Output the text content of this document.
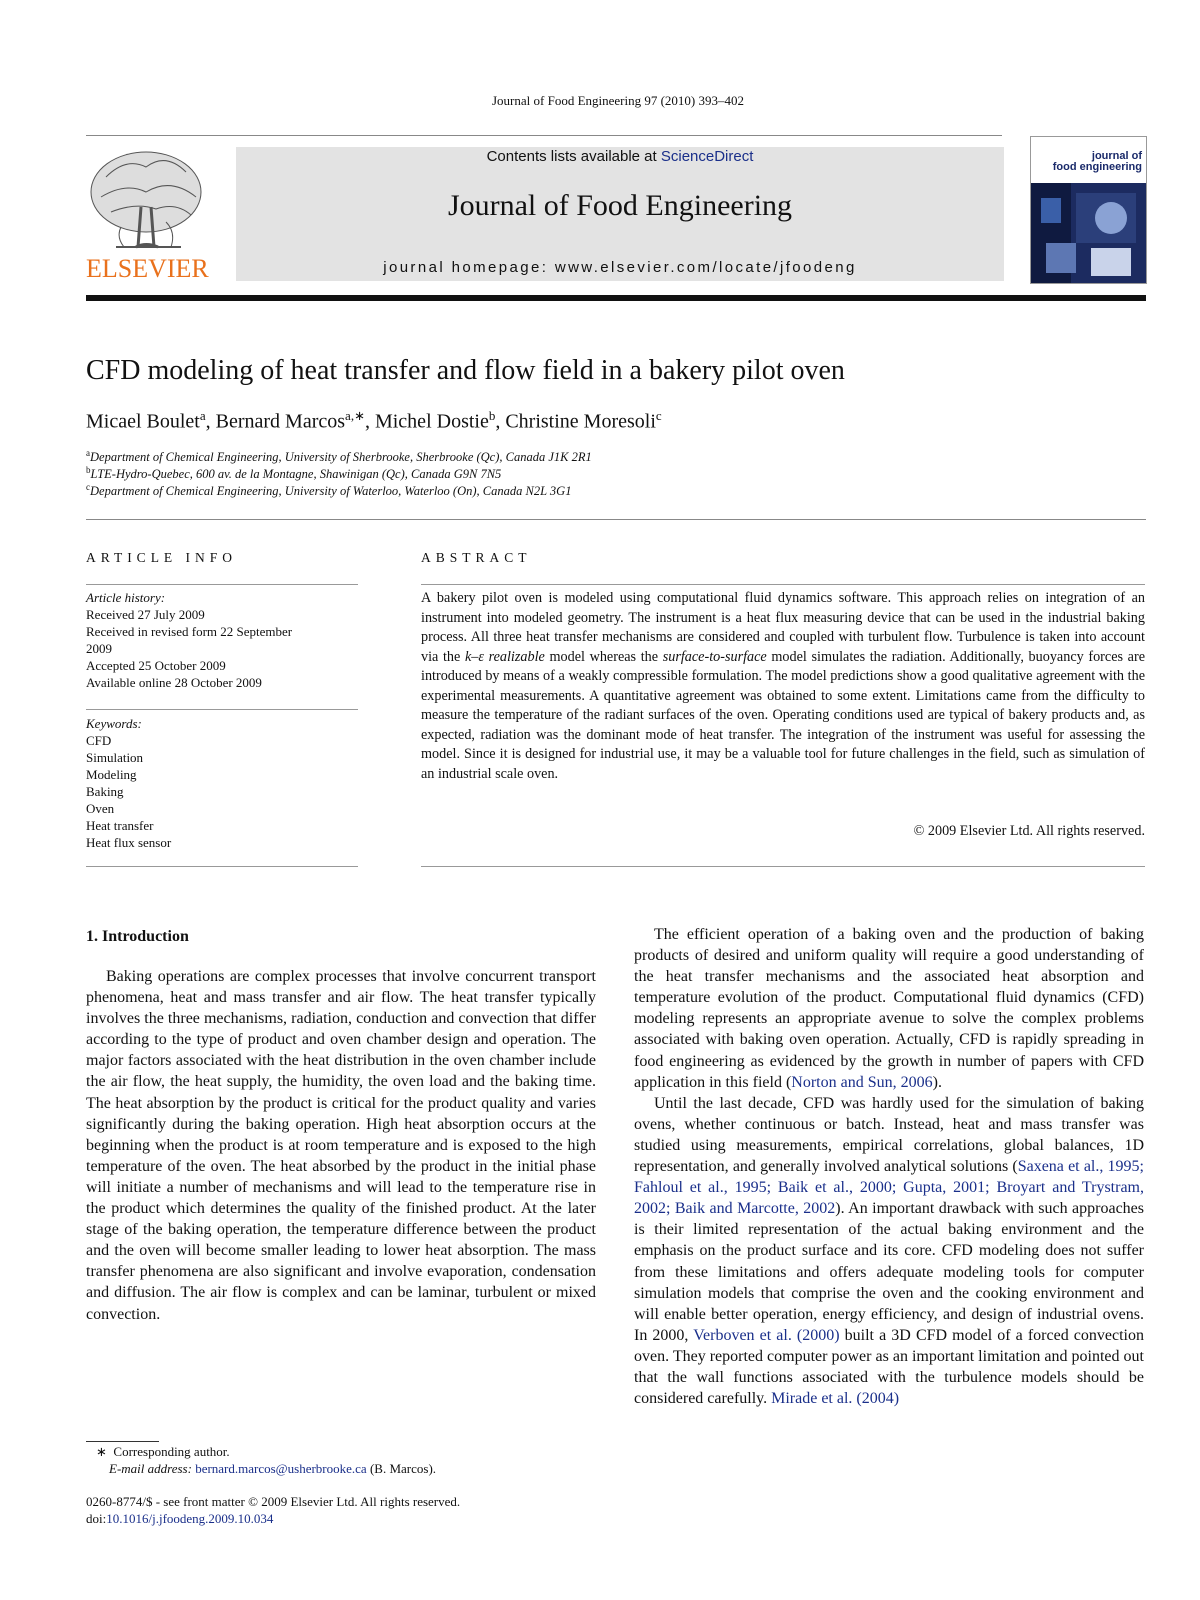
Journal of Food Engineering 97 (2010) 393–402
ELSEVIER
Contents lists available at ScienceDirect
Journal of Food Engineering
journal homepage: www.elsevier.com/locate/jfoodeng
journal of
food engineering
CFD modeling of heat transfer and flow field in a bakery pilot oven
Micael Boulet$^a$, Bernard Marcos$^{a,∗}$, Michel Dostie$^b$, Christine Moresoli$^c$
$^a$Department of Chemical Engineering, University of Sherbrooke, Sherbrooke (Qc), Canada J1K 2R1
$^b$LTE-Hydro-Quebec, 600 av. de la Montagne, Shawinigan (Qc), Canada G9N 7N5
$^c$Department of Chemical Engineering, University of Waterloo, Waterloo (On), Canada N2L 3G1
ARTICLE INFO
Article history:
Received 27 July 2009
Received in revised form 22 September
2009
Accepted 25 October 2009
Available online 28 October 2009
Keywords:
CFD
Simulation
Modeling
Baking
Oven
Heat transfer
Heat flux sensor
ABSTRACT
A bakery pilot oven is modeled using computational fluid dynamics software. This approach relies on integration of an instrument into modeled geometry. The instrument is a heat flux measuring device that can be used in the industrial baking process. All three heat transfer mechanisms are considered and coupled with turbulent flow. Turbulence is taken into account via the k–ε realizable model whereas the surface-to-surface model simulates the radiation. Additionally, buoyancy forces are introduced by means of a weakly compressible formulation. The model predictions show a good qualitative agreement with the experimental measurements. A quantitative agreement was obtained to some extent. Limitations came from the difficulty to measure the temperature of the radiant surfaces of the oven. Operating conditions used are typical of bakery products and, as expected, radiation was the dominant mode of heat transfer. The integration of the instrument was useful for assessing the model. Since it is designed for industrial use, it may be a valuable tool for future challenges in the field, such as simulation of an industrial scale oven.
© 2009 Elsevier Ltd. All rights reserved.
1. Introduction

Baking operations are complex processes that involve concurrent transport phenomena, heat and mass transfer and air flow. The heat transfer typically involves the three mechanisms, radiation, conduction and convection that differ according to the type of product and oven chamber design and operation. The major factors associated with the heat distribution in the oven chamber include the air flow, the heat supply, the humidity, the oven load and the baking time. The heat absorption by the product is critical for the product quality and varies significantly during the baking operation. High heat absorption occurs at the beginning when the product is at room temperature and is exposed to the high temperature of the oven. The heat absorbed by the product in the initial phase will initiate a number of mechanisms and will lead to the temperature rise in the product which determines the quality of the finished product. At the later stage of the baking operation, the temperature difference between the product and the oven will become smaller leading to lower heat absorption. The mass transfer phenomena are also significant and involve evaporation, condensation and diffusion. The air flow is complex and can be laminar, turbulent or mixed convection.

The efficient operation of a baking oven and the production of baking products of desired and uniform quality will require a good understanding of the heat transfer mechanisms and the associated heat absorption and temperature evolution of the product. Computational fluid dynamics (CFD) modeling represents an appropriate avenue to solve the complex problems associated with baking oven operation. Actually, CFD is rapidly spreading in food engineering as evidenced by the growth in number of papers with CFD application in this field (Norton and Sun, 2006).

Until the last decade, CFD was hardly used for the simulation of baking ovens, whether continuous or batch. Instead, heat and mass transfer was studied using measurements, empirical correlations, global balances, 1D representation, and generally involved analytical solutions (Saxena et al., 1995; Fahloul et al., 1995; Baik et al., 2000; Gupta, 2001; Broyart and Trystram, 2002; Baik and Marcotte, 2002). An important drawback with such approaches is their limited representation of the actual baking environment and the emphasis on the product surface and its core. CFD modeling does not suffer from these limitations and offers adequate modeling tools for computer simulation models that comprise the oven and the cooking environment and will enable better operation, energy efficiency, and design of industrial ovens. In 2000, Verboven et al. (2000) built a 3D CFD model of a forced convection oven. They reported computer power as an important limitation and pointed out that the wall functions associated with the turbulence models should be considered carefully. Mirade et al. (2004)

∗ Corresponding author.
E-mail address: bernard.marcos@usherbrooke.ca (B. Marcos).
0260-8774/$ - see front matter © 2009 Elsevier Ltd. All rights reserved.
doi:10.1016/j.jfoodeng.2009.10.034
